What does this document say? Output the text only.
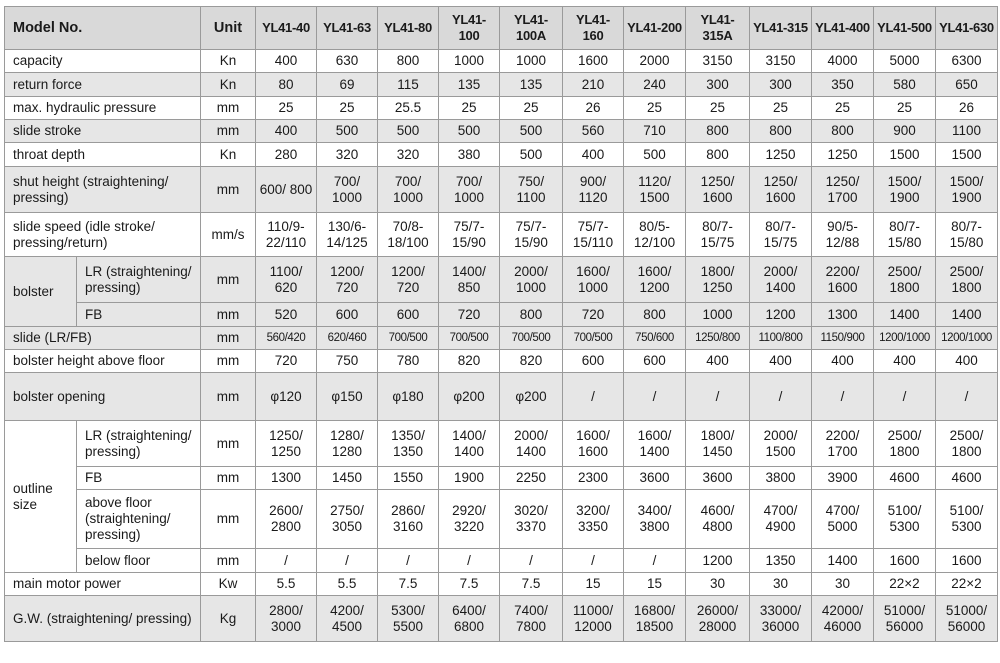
Model No.		Unit	YL41-40	YL41-63	YL41-80	YL41-100	YL41-100A	YL41-160	YL41-200	YL41-315A	YL41-315	YL41-400	YL41-500	YL41-630
capacity		Kn	400	630	800	1000	1000	1600	2000	3150	3150	4000	5000	6300
return force		Kn	80	69	115	135	135	210	240	300	300	350	580	650
max. hydraulic pressure		mm	25	25	25.5	25	25	26	25	25	25	25	25	26
slide stroke		mm	400	500	500	500	500	560	710	800	800	800	900	1100
throat depth		Kn	280	320	320	380	500	400	500	800	1250	1250	1500	1500
shut height (straightening/ pressing)		mm	600/ 800	700/ 1000	700/ 1000	700/ 1000	750/ 1100	900/ 1120	1120/ 1500	1250/ 1600	1250/ 1600	1250/ 1700	1500/ 1900	1500/ 1900
slide speed (idle stroke/ pressing/return)		mm/s	110/9- 22/110	130/6- 14/125	70/8- 18/100	75/7- 15/90	75/7- 15/90	75/7- 15/110	80/5- 12/100	80/7- 15/75	80/7- 15/75	90/5- 12/88	80/7- 15/80	80/7- 15/80
bolster	LR (straightening/ pressing)	mm	1100/ 620	1200/ 720	1200/ 720	1400/ 850	2000/ 1000	1600/ 1000	1600/ 1200	1800/ 1250	2000/ 1400	2200/ 1600	2500/ 1800	2500/ 1800
	FB	mm	520	600	600	720	800	720	800	1000	1200	1300	1400	1400
slide (LR/FB)		mm	560/420	620/460	700/500	700/500	700/500	700/500	750/600	1250/800	1100/800	1150/900	1200/1000	1200/1000
bolster height above floor		mm	720	750	780	820	820	600	600	400	400	400	400	400
bolster opening		mm	φ120	φ150	φ180	φ200	φ200	/	/	/	/	/	/	/
outline size	LR (straightening/ pressing)	mm	1250/ 1250	1280/ 1280	1350/ 1350	1400/ 1400	2000/ 1400	1600/ 1600	1600/ 1400	1800/ 1450	2000/ 1500	2200/ 1700	2500/ 1800	2500/ 1800
	FB	mm	1300	1450	1550	1900	2250	2300	3600	3600	3800	3900	4600	4600
	above floor (straightening/ pressing)	mm	2600/ 2800	2750/ 3050	2860/ 3160	2920/ 3220	3020/ 3370	3200/ 3350	3400/ 3800	4600/ 4800	4700/ 4900	4700/ 5000	5100/ 5300	5100/ 5300
	below floor	mm	/	/	/	/	/	/	/	1200	1350	1400	1600	1600
main motor power		Kw	5.5	5.5	7.5	7.5	7.5	15	15	30	30	30	22×2	22×2
G.W. (straightening/ pressing)		Kg	2800/ 3000	4200/ 4500	5300/ 5500	6400/ 6800	7400/ 7800	11000/ 12000	16800/ 18500	26000/ 28000	33000/ 36000	42000/ 46000	51000/ 56000	51000/ 56000
